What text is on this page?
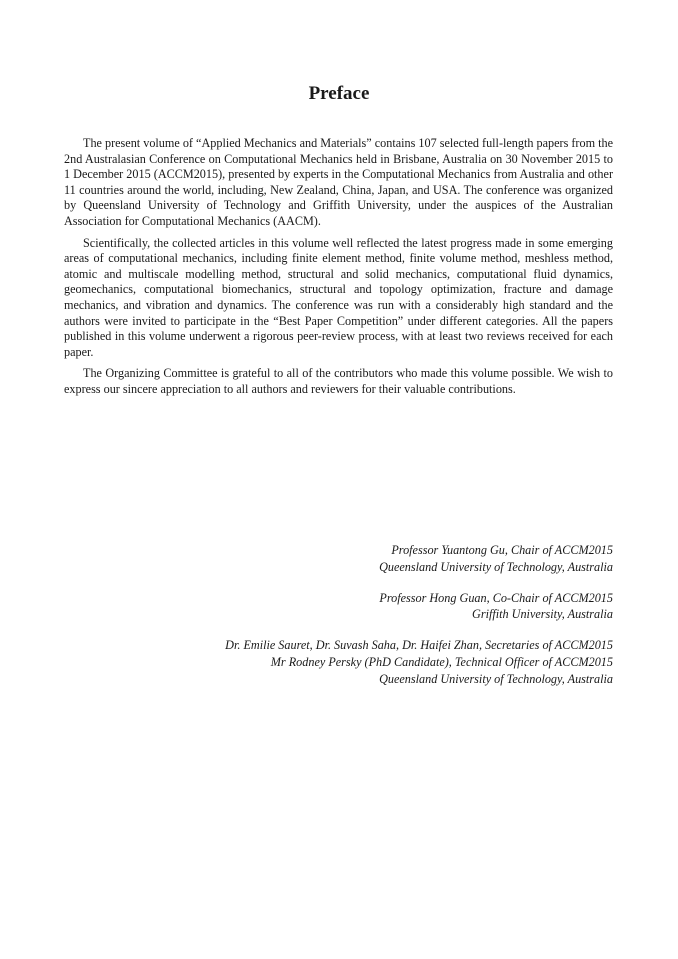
Preface

The present volume of “Applied Mechanics and Materials” contains 107 selected full-length papers from the 2nd Australasian Conference on Computational Mechanics held in Brisbane, Australia on 30 November 2015 to 1 December 2015 (ACCM2015), presented by experts in the Computational Mechanics from Australia and other 11 countries around the world, including, New Zealand, China, Japan, and USA. The conference was organized by Queensland University of Technology and Griffith University, under the auspices of the Australian Association for Computational Mechanics (AACM).

Scientifically, the collected articles in this volume well reflected the latest progress made in some emerging areas of computational mechanics, including finite element method, finite volume method, meshless method, atomic and multiscale modelling method, structural and solid mechanics, computational fluid dynamics, geomechanics, computational biomechanics, structural and topology optimization, fracture and damage mechanics, and vibration and dynamics. The conference was run with a considerably high standard and the authors were invited to participate in the “Best Paper Competition” under different categories. All the papers published in this volume underwent a rigorous peer-review process, with at least two reviews received for each paper.

The Organizing Committee is grateful to all of the contributors who made this volume possible. We wish to express our sincere appreciation to all authors and reviewers for their valuable contributions.

Professor Yuantong Gu, Chair of ACCM2015
Queensland University of Technology, Australia
Professor Hong Guan, Co-Chair of ACCM2015
Griffith University, Australia
Dr. Emilie Sauret, Dr. Suvash Saha, Dr. Haifei Zhan, Secretaries of ACCM2015
Mr Rodney Persky (PhD Candidate), Technical Officer of ACCM2015
Queensland University of Technology, Australia
